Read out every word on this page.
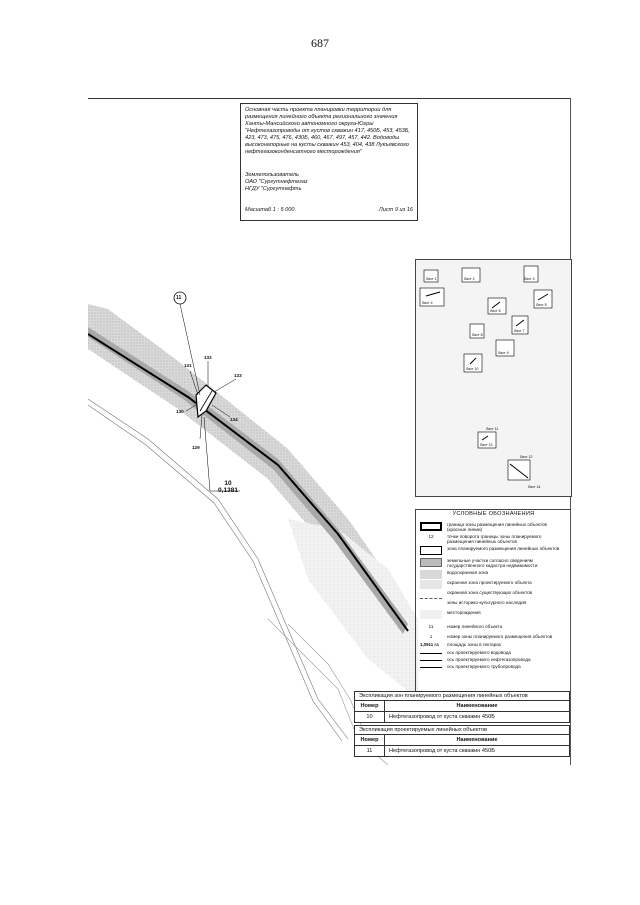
687
11
131
132
133
130
134
129
10
0,1381
Основная часть проекта планировки территории для размещения линейного объекта регионального значения Ханты-Мансийского автономного округа-Югры "Нефтегазопроводы от кустов скважин 417, 450Б, 453, 453Б, 423, 473, 475, 476, 430Б, 460, 467, 497, 457, 442. Водоводы высоконапорные на кусты скважин 453, 404, 438 Лукъявского нефтегазоконденсатного месторождения"
Землепользователь
ОАО "Сургутнефтегаз
НГДУ "Сургутнефть
Масштаб 1 : 5 000	Лист 9 из 16
Лист 1	Лист 2	Лист 3
Лист 4	Лист 5
Лист 6
Лист 7
Лист 8
Лист 9
Лист 10
Лист 11
Лист 12
Лист 13
Лист 14
УСЛОВНЫЕ ОБОЗНАЧЕНИЯ
граница зоны размещения линейных объектов (красные линии)
12	точки поворота границы зоны планируемого размещения линейных объектов
зона планируемого размещения линейных объектов
земельные участки согласно сведениям государственного кадастра недвижимости
водоохранная зона
охранная зона проектируемого объекта
охранная зона существующих объектов
зоны историко-культурного наследия
месторождения
11	номер линейного объекта
1	номер зоны планируемого размещения объектов
1,0911 га	площадь зоны в гектарах
ось проектируемого водовода
ось проектируемого нефтегазопровода
ось проектируемого трубопровода
Экспликация зон планируемого размещения линейных объектов
Номер	Наименование
10	Нефтегазопровод от куста скважин 450Б
Экспликация проектируемых линейных объектов
Номер	Наименование
11	Нефтегазопровод от куста скважин 450Б
